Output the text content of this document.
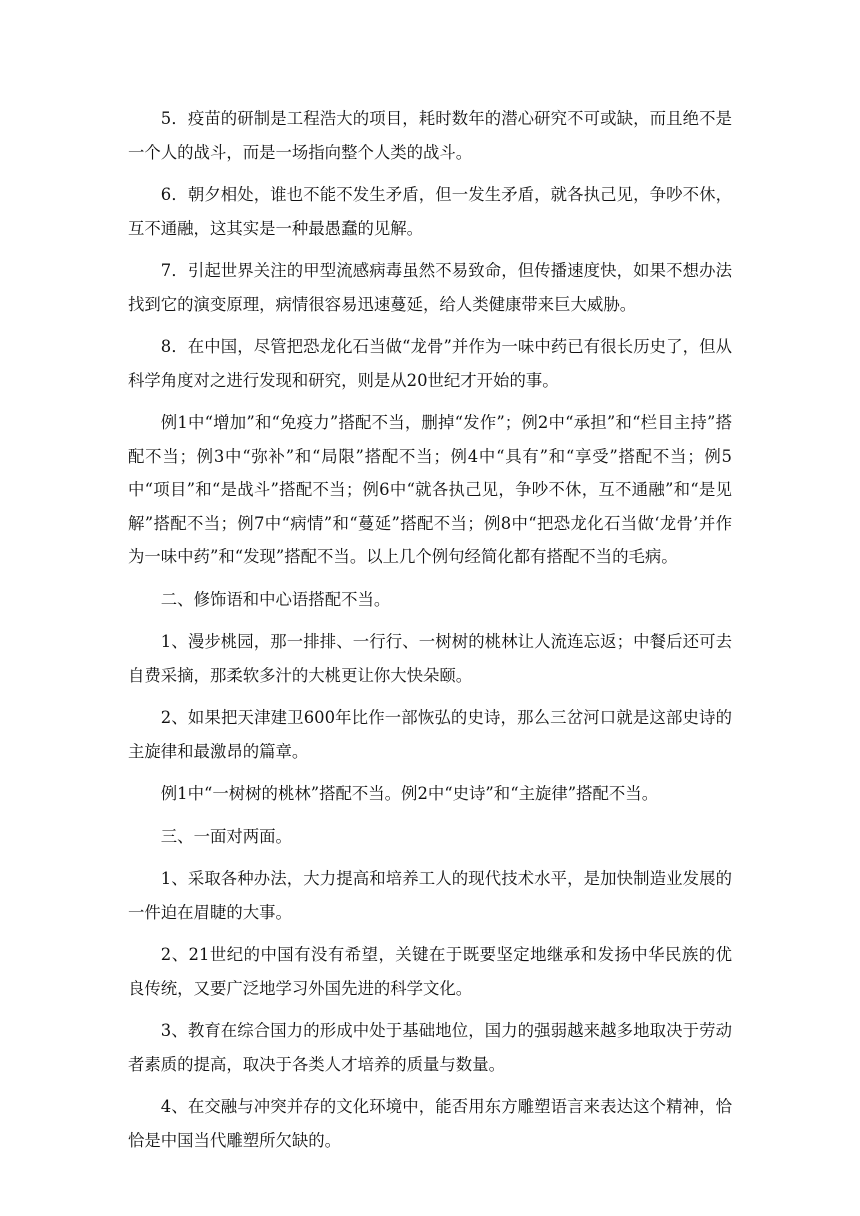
5．疫苗的研制是工程浩大的项目，耗时数年的潜心研究不可或缺，而且绝不是一个人的战斗，而是一场指向整个人类的战斗。

6．朝夕相处，谁也不能不发生矛盾，但一发生矛盾，就各执己见，争吵不休，互不通融，这其实是一种最愚蠢的见解。

7．引起世界关注的甲型流感病毒虽然不易致命，但传播速度快，如果不想办法找到它的演变原理，病情很容易迅速蔓延，给人类健康带来巨大威胁。

8．在中国，尽管把恐龙化石当做“龙骨”并作为一味中药已有很长历史了，但从科学角度对之进行发现和研究，则是从20世纪才开始的事。

例1中“增加”和“免疫力”搭配不当，删掉“发作”；例2中“承担”和“栏目主持”搭配不当；例3中“弥补”和“局限”搭配不当；例4中“具有”和“享受”搭配不当；例5中“项目”和“是战斗”搭配不当；例6中“就各执己见，争吵不休，互不通融”和“是见解”搭配不当；例7中“病情”和“蔓延”搭配不当；例8中“把恐龙化石当做‘龙骨’并作为一味中药”和“发现”搭配不当。以上几个例句经简化都有搭配不当的毛病。

二、修饰语和中心语搭配不当。

1、漫步桃园，那一排排、一行行、一树树的桃林让人流连忘返；中餐后还可去自费采摘，那柔软多汁的大桃更让你大快朵颐。

2、如果把天津建卫600年比作一部恢弘的史诗，那么三岔河口就是这部史诗的主旋律和最激昂的篇章。

例1中“一树树的桃林”搭配不当。例2中“史诗”和“主旋律”搭配不当。

三、一面对两面。

1、采取各种办法，大力提高和培养工人的现代技术水平，是加快制造业发展的一件迫在眉睫的大事。

2、21世纪的中国有没有希望，关键在于既要坚定地继承和发扬中华民族的优良传统，又要广泛地学习外国先进的科学文化。

3、教育在综合国力的形成中处于基础地位，国力的强弱越来越多地取决于劳动者素质的提高，取决于各类人才培养的质量与数量。

4、在交融与冲突并存的文化环境中，能否用东方雕塑语言来表达这个精神，恰恰是中国当代雕塑所欠缺的。
